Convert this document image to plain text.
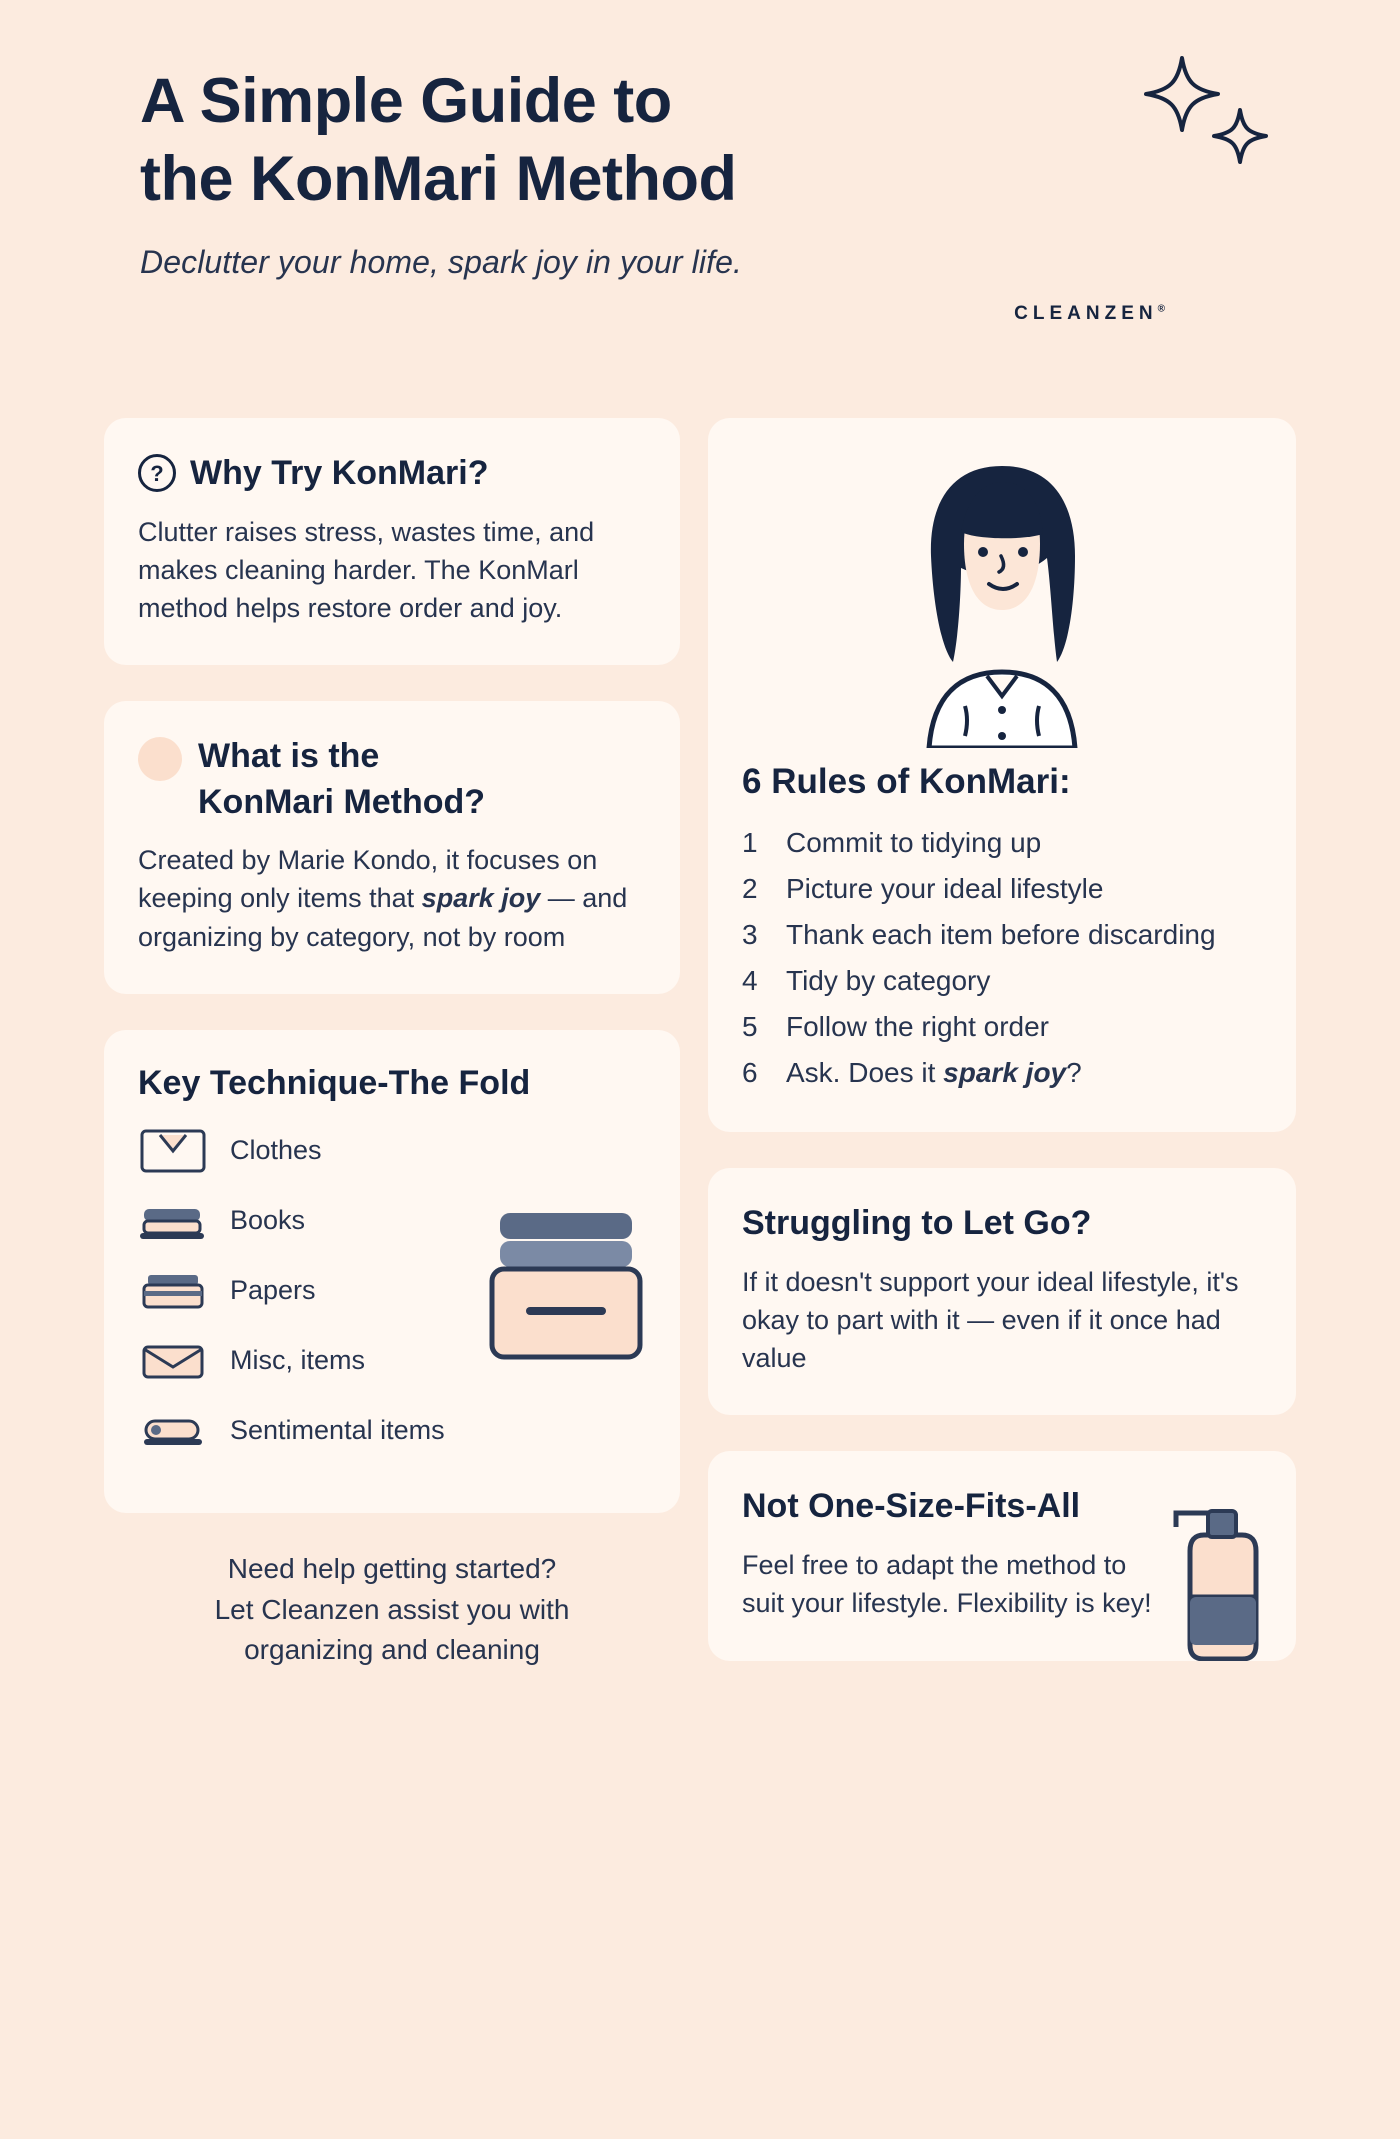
A Simple Guide to
the KonMari Method
Declutter your home, spark joy in your life.
CLEANZEN®
? Why Try KonMari?
Clutter raises stress, wastes time, and makes cleaning harder. The KonMarl method helps restore order and joy.
What is the
KonMari Method?
Created by Marie Kondo, it focuses on keeping only items that spark joy — and organizing by category, not by room
Key Technique-The Fold
Clothes
Books
Papers
Misc, items
Sentimental items
Need help getting started?
Let Cleanzen assist you with
organizing and cleaning
6 Rules of KonMari:
1 Commit to tidying up
2 Picture your ideal lifestyle
3 Thank each item before discarding
4 Tidy by category
5 Follow the right order
6 Ask. Does it spark joy?
Struggling to Let Go?
If it doesn't support your ideal lifestyle, it's okay to part with it — even if it once had value
Not One-Size-Fits-All
Feel free to adapt the method to suit your lifestyle. Flexibility is key!
